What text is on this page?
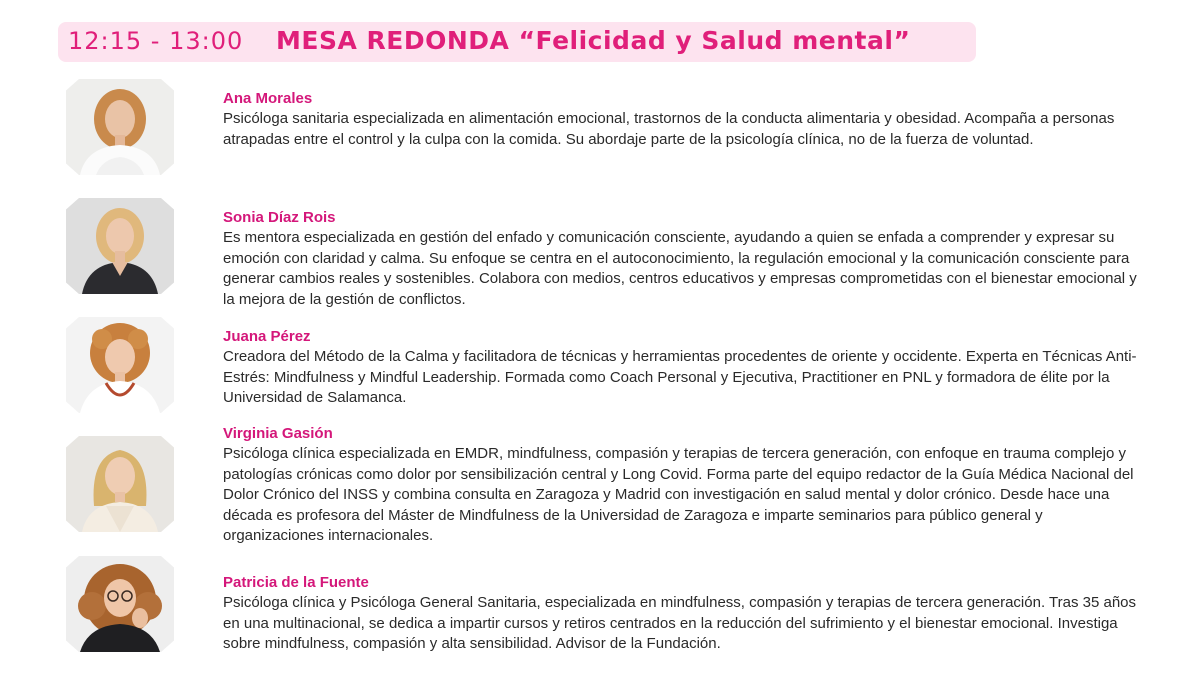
12:15 - 13:00 MESA REDONDA “Felicidad y Salud mental”
Ana Morales

Psicóloga sanitaria especializada en alimentación emocional, trastornos de la conducta alimentaria y obesidad. Acompaña a personas atrapadas entre el control y la culpa con la comida. Su abordaje parte de la psicología clínica, no de la fuerza de voluntad.

Sonia Díaz Rois

Es mentora especializada en gestión del enfado y comunicación consciente, ayudando a quien se enfada a comprender y expresar su emoción con claridad y calma. Su enfoque se centra en el autoconocimiento, la regulación emocional y la comunicación consciente para generar cambios reales y sostenibles. Colabora con medios, centros educativos y empresas comprometidas con el bienestar emocional y la mejora de la gestión de conflictos.

Juana Pérez

Creadora del Método de la Calma y facilitadora de técnicas y herramientas procedentes de oriente y occidente. Experta en Técnicas Anti-Estrés: Mindfulness y Mindful Leadership. Formada como Coach Personal y Ejecutiva, Practitioner en PNL y formadora de élite por la Universidad de Salamanca.

Virginia Gasión

Psicóloga clínica especializada en EMDR, mindfulness, compasión y terapias de tercera generación, con enfoque en trauma complejo y patologías crónicas como dolor por sensibilización central y Long Covid. Forma parte del equipo redactor de la Guía Médica Nacional del Dolor Crónico del INSS y combina consulta en Zaragoza y Madrid con investigación en salud mental y dolor crónico. Desde hace una década es profesora del Máster de Mindfulness de la Universidad de Zaragoza e imparte seminarios para público general y organizaciones internacionales.

Patricia de la Fuente

Psicóloga clínica y Psicóloga General Sanitaria, especializada en mindfulness, compasión y terapias de tercera generación. Tras 35 años en una multinacional, se dedica a impartir cursos y retiros centrados en la reducción del sufrimiento y el bienestar emocional. Investiga sobre mindfulness, compasión y alta sensibilidad. Advisor de la Fundación.
